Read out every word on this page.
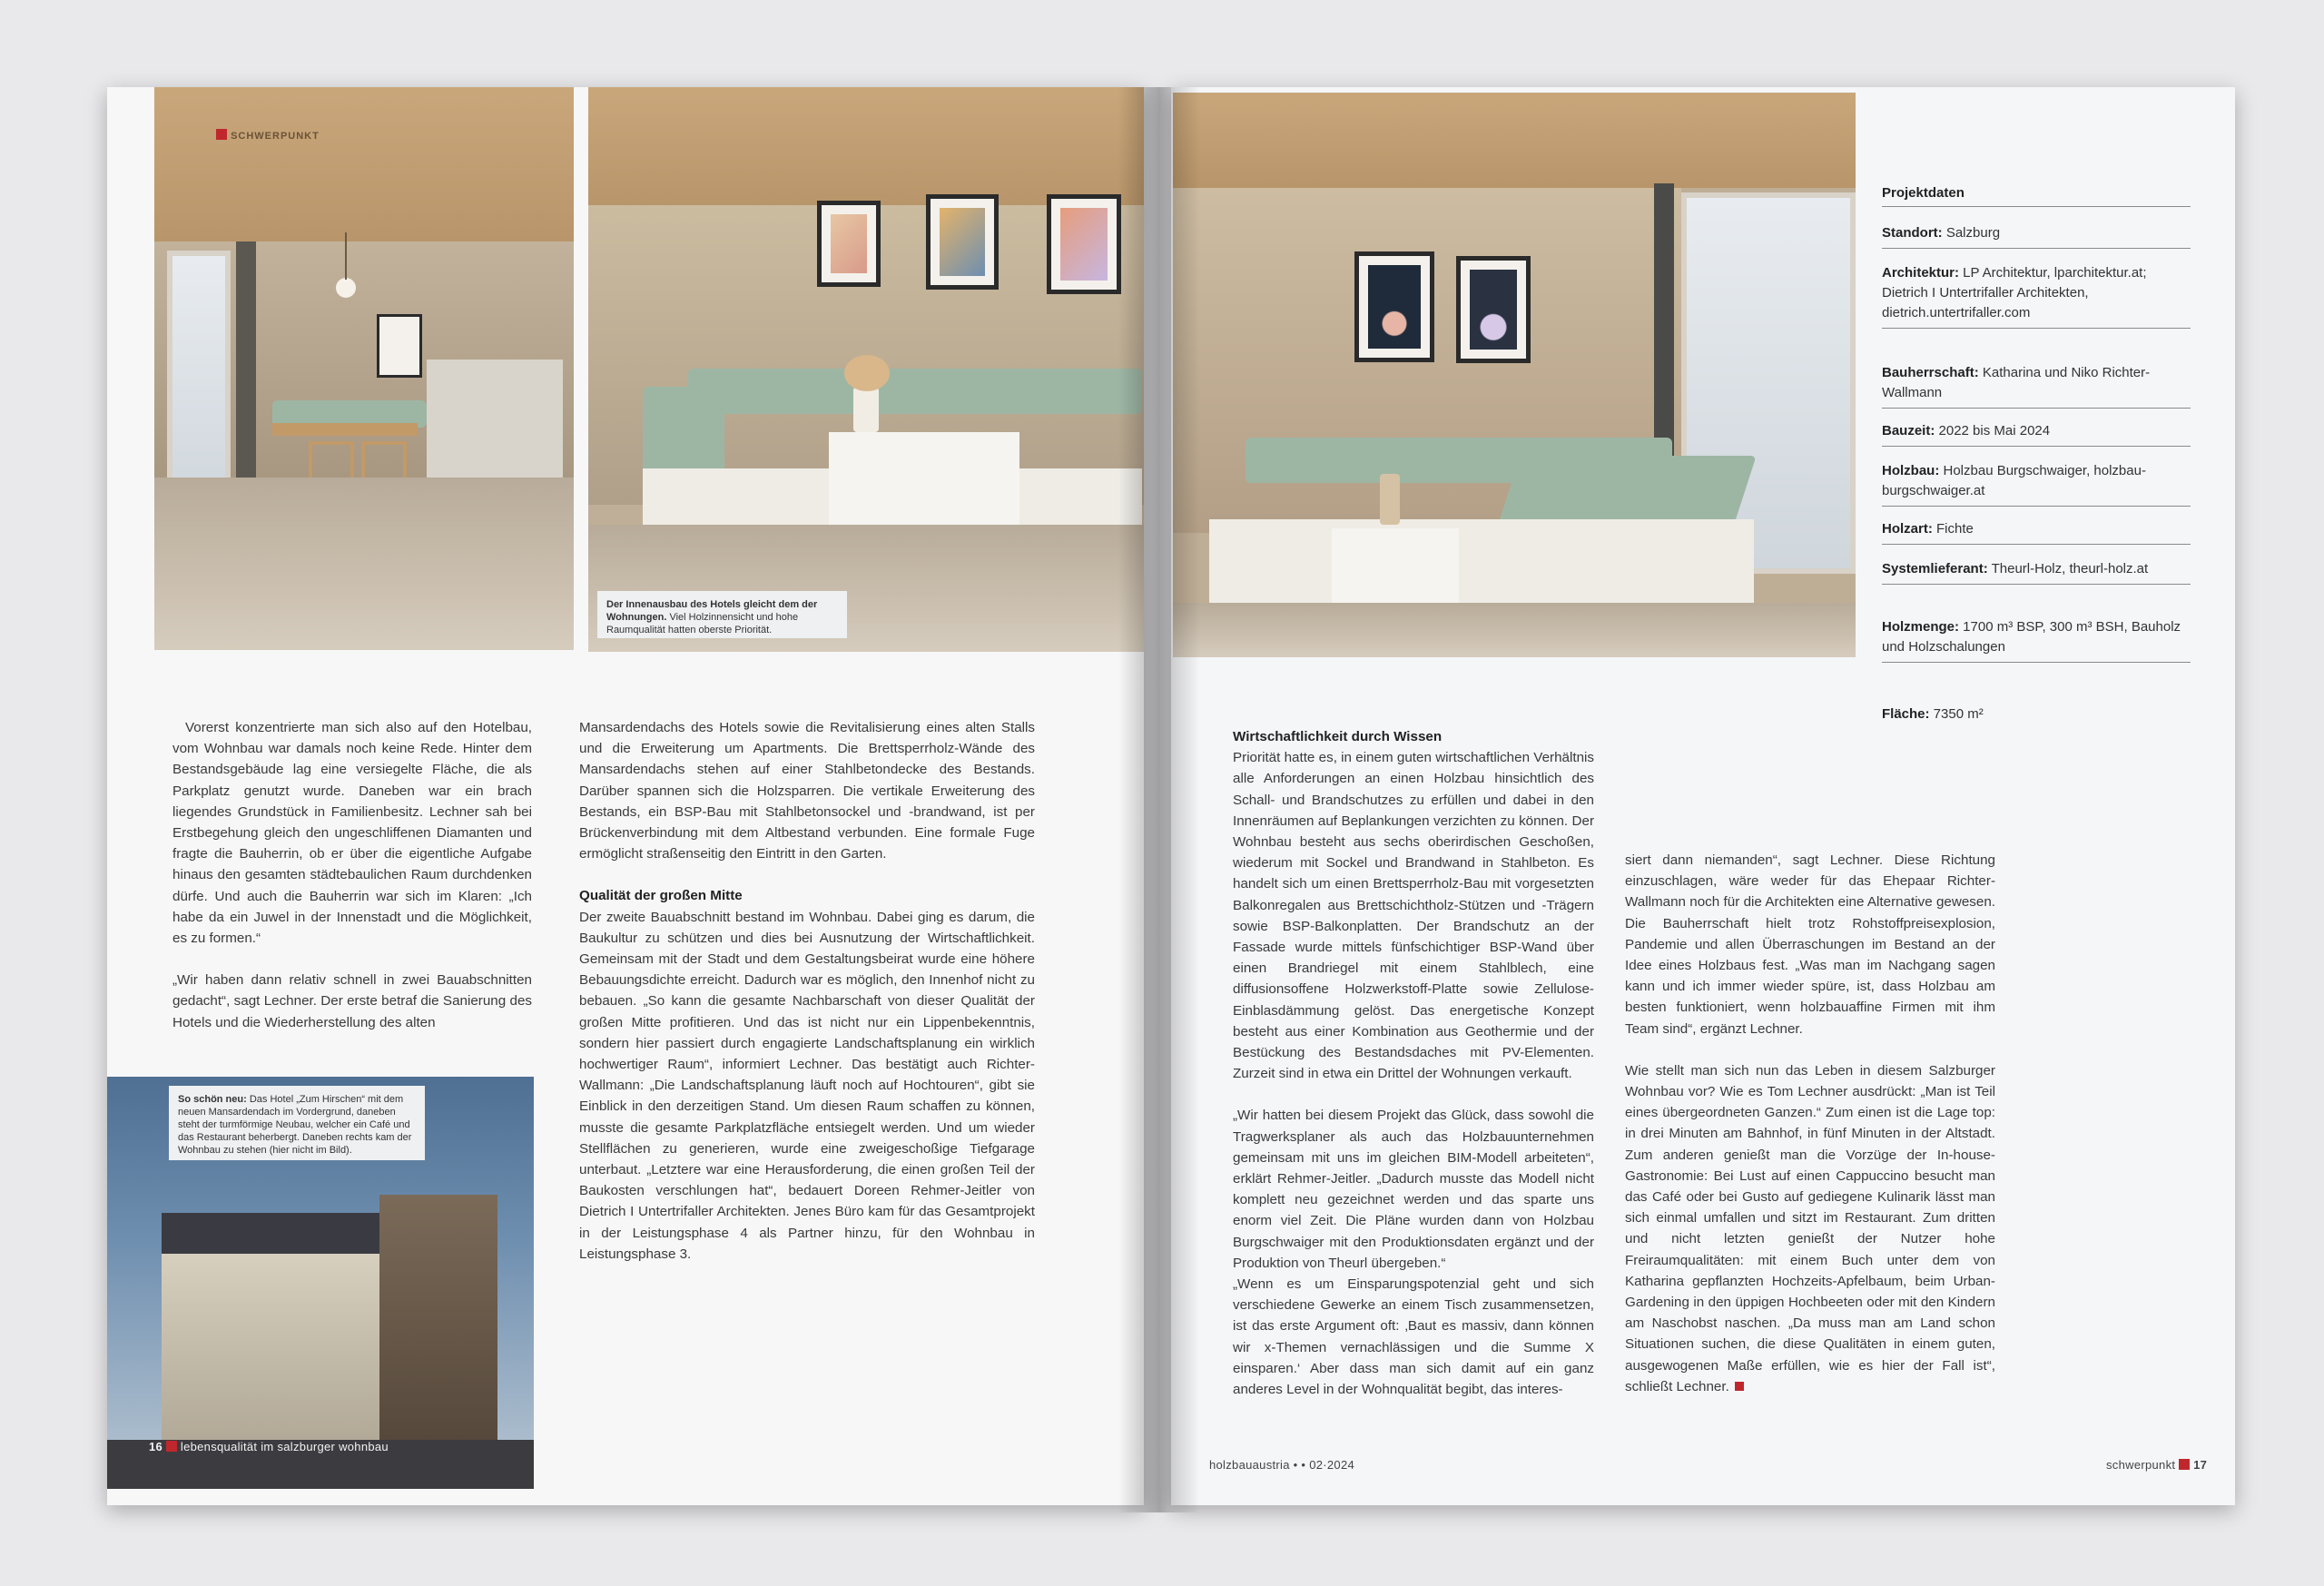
Der Innenausbau des Hotels gleicht dem der Wohnungen. Viel Holzinnensicht und hohe Raumqualität hatten oberste Priorität.
So schön neu: Das Hotel „Zum Hirschen“ mit dem neuen Mansardendach im Vordergrund, daneben steht der turmförmige Neubau, welcher ein Café und das Restaurant beherbergt. Daneben rechts kam der Wohnbau zu stehen (hier nicht im Bild).

Vorerst konzentrierte man sich also auf den Hotelbau, vom Wohnbau war damals noch keine Rede. Hinter dem Bestandsgebäude lag eine versiegelte Fläche, die als Parkplatz genutzt wurde. Daneben war ein brach liegendes Grundstück in Familienbesitz. Lechner sah bei Erstbegehung gleich den ungeschliffenen Diamanten und fragte die Bauherrin, ob er über die eigentliche Aufgabe hinaus den gesamten städtebaulichen Raum durchdenken dürfe. Und auch die Bauherrin war sich im Klaren: „Ich habe da ein Juwel in der Innenstadt und die Möglichkeit, es zu formen.“

„Wir haben dann relativ schnell in zwei Bauabschnitten gedacht“, sagt Lechner. Der erste betraf die Sanierung des Hotels und die Wiederherstellung des alten

Mansardendachs des Hotels sowie die Revitalisierung eines alten Stalls und die Erweiterung um Apartments. Die Brettsperrholz-Wände des Mansardendachs stehen auf einer Stahlbetondecke des Bestands. Darüber spannen sich die Holzsparren. Die vertikale Erweiterung des Bestands, ein BSP-Bau mit Stahlbetonsockel und -brandwand, ist per Brückenverbindung mit dem Altbestand verbunden. Eine formale Fuge ermöglicht straßenseitig den Eintritt in den Garten.

Qualität der großen Mitte

Der zweite Bauabschnitt bestand im Wohnbau. Dabei ging es darum, die Baukultur zu schützen und dies bei Ausnutzung der Wirtschaftlichkeit. Gemeinsam mit der Stadt und dem Gestaltungsbeirat wurde eine höhere Bebauungsdichte erreicht. Dadurch war es möglich, den Innenhof nicht zu bebauen. „So kann die gesamte Nachbarschaft von dieser Qualität der großen Mitte profitieren. Und das ist nicht nur ein Lippenbekenntnis, sondern hier passiert durch engagierte Landschaftsplanung ein wirklich hochwertiger Raum“, informiert Lechner. Das bestätigt auch Richter-Wallmann: „Die Landschaftsplanung läuft noch auf Hochtouren“, gibt sie Einblick in den derzeitigen Stand. Um diesen Raum schaffen zu können, musste die gesamte Parkplatzfläche entsiegelt werden. Und um wieder Stellflächen zu generieren, wurde eine zweigeschoßige Tiefgarage unterbaut. „Letztere war eine Herausforderung, die einen großen Teil der Baukosten verschlungen hat“, bedauert Doreen Rehmer-Jeitler von Dietrich I Untertrifaller Architekten. Jenes Büro kam für das Gesamtprojekt in der Leistungsphase 4 als Partner hinzu, für den Wohnbau in Leistungsphase 3.

16 lebensqualität im salzburger wohnbau
SCHWERPUNKT
Projektdaten
Standort: Salzburg
Architektur: LP Architektur, lparchitektur.at; Dietrich I Untertrifaller Architekten, dietrich.untertrifaller.com
Bauherrschaft: Katharina und Niko Richter-Wallmann
Bauzeit: 2022 bis Mai 2024
Holzbau: Holzbau Burgschwaiger, holzbau-burgschwaiger.at
Holzart: Fichte
Systemlieferant: Theurl-Holz, theurl-holz.at
Holzmenge: 1700 m³ BSP, 300 m³ BSH, Bauholz und Holzschalungen
Fläche: 7350 m²
Wirtschaftlichkeit durch Wissen

Priorität hatte es, in einem guten wirtschaftlichen Verhältnis alle Anforderungen an einen Holzbau hinsichtlich des Schall- und Brandschutzes zu erfüllen und dabei in den Innenräumen auf Beplankungen verzichten zu können. Der Wohnbau besteht aus sechs oberirdischen Geschoßen, wiederum mit Sockel und Brandwand in Stahlbeton. Es handelt sich um einen Brettsperrholz-Bau mit vorgesetzten Balkonregalen aus Brettschichtholz-Stützen und -Trägern sowie BSP-Balkonplatten. Der Brandschutz an der Fassade wurde mittels fünfschichtiger BSP-Wand über einen Brandriegel mit einem Stahlblech, eine diffusionsoffene Holzwerkstoff-Platte sowie Zellulose-Einblasdämmung gelöst. Das energetische Konzept besteht aus einer Kombination aus Geothermie und der Bestückung des Bestandsdaches mit PV-Elementen. Zurzeit sind in etwa ein Drittel der Wohnungen verkauft.

„Wir hatten bei diesem Projekt das Glück, dass sowohl die Tragwerksplaner als auch das Holzbauunternehmen gemeinsam mit uns im gleichen BIM-Modell arbeiteten“, erklärt Rehmer-Jeitler. „Dadurch musste das Modell nicht komplett neu gezeichnet werden und das sparte uns enorm viel Zeit. Die Pläne wurden dann von Holzbau Burgschwaiger mit den Produktionsdaten ergänzt und der Produktion von Theurl übergeben.“

„Wenn es um Einsparungspotenzial geht und sich verschiedene Gewerke an einem Tisch zusammensetzen, ist das erste Argument oft: ‚Baut es massiv, dann können wir x-Themen vernachlässigen und die Summe X einsparen.‘ Aber dass man sich damit auf ein ganz anderes Level in der Wohnqualität begibt, das interes-

siert dann niemanden“, sagt Lechner. Diese Richtung einzuschlagen, wäre weder für das Ehepaar Richter-Wallmann noch für die Architekten eine Alternative gewesen. Die Bauherrschaft hielt trotz Rohstoffpreisexplosion, Pandemie und allen Überraschungen im Bestand an der Idee eines Holzbaus fest. „Was man im Nachgang sagen kann und ich immer wieder spüre, ist, dass Holzbau am besten funktioniert, wenn holzbauaffine Firmen mit ihm Team sind“, ergänzt Lechner.

Wie stellt man sich nun das Leben in diesem Salzburger Wohnbau vor? Wie es Tom Lechner ausdrückt: „Man ist Teil eines übergeordneten Ganzen.“ Zum einen ist die Lage top: in drei Minuten am Bahnhof, in fünf Minuten in der Altstadt. Zum anderen genießt man die Vorzüge der In-house-Gastronomie: Bei Lust auf einen Cappuccino besucht man das Café oder bei Gusto auf gediegene Kulinarik lässt man sich einmal umfallen und sitzt im Restaurant. Zum dritten und nicht letzten genießt der Nutzer hohe Freiraumqualitäten: mit einem Buch unter dem von Katharina gepflanzten Hochzeits-Apfelbaum, beim Urban-Gardening in den üppigen Hochbeeten oder mit den Kindern am Naschobst naschen. „Da muss man am Land schon Situationen suchen, die diese Qualitäten in einem guten, ausgewogenen Maße erfüllen, wie es hier der Fall ist“, schließt Lechner.

holzbauaustria • • 02·2024	schwerpunkt 17
